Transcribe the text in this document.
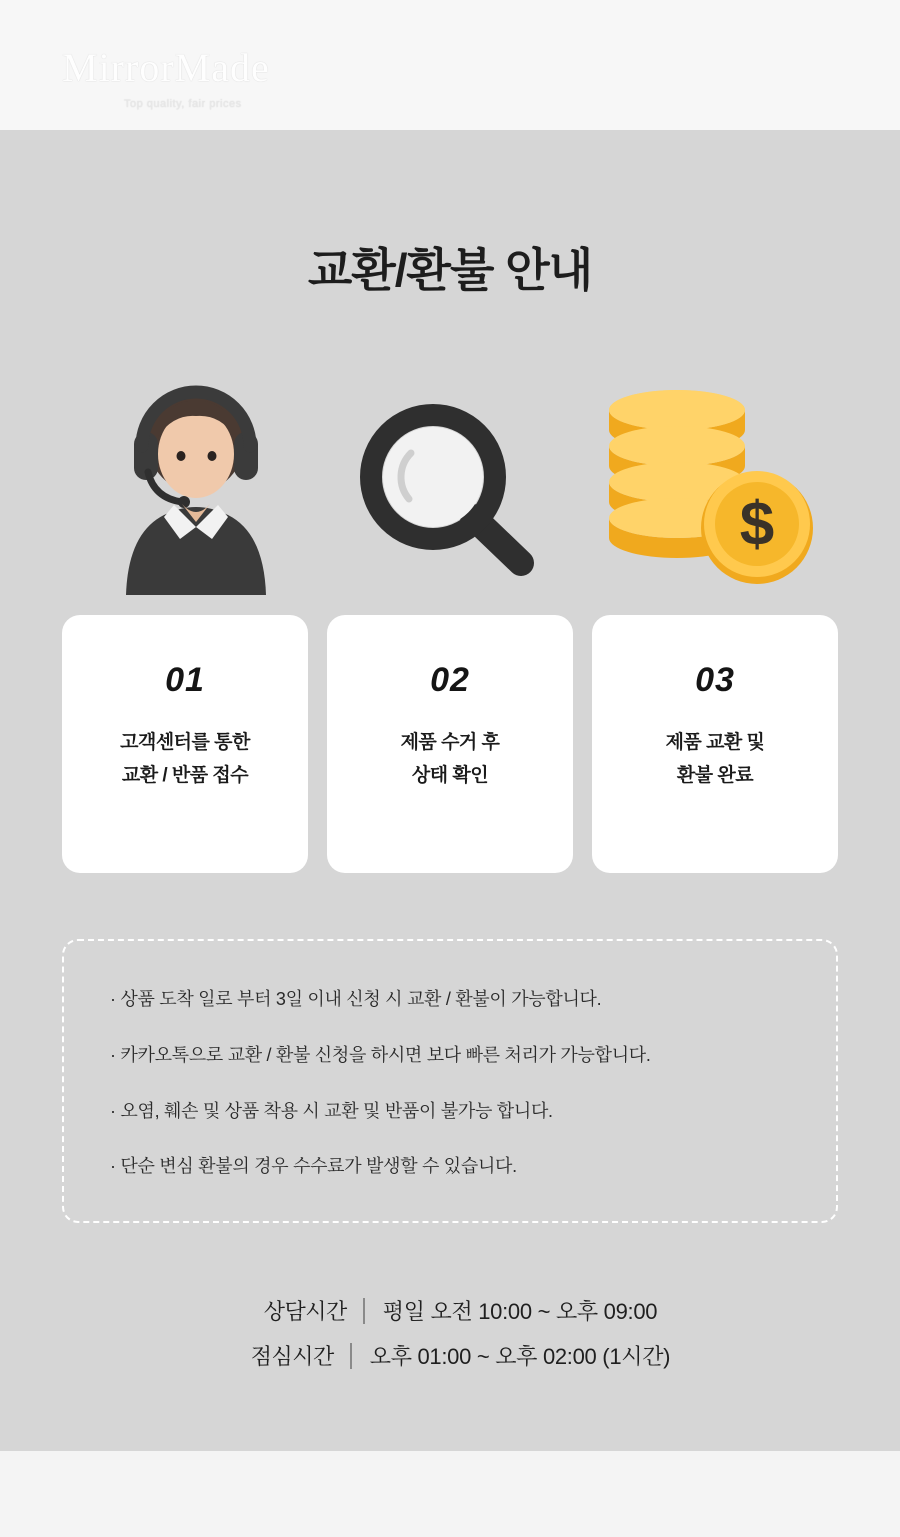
MirrorMade
Top quality, fair prices
교환/환불 안내
$
01
고객센터를 통한
교환 / 반품 접수
02
제품 수거 후
상태 확인
03
제품 교환 및
환불 완료

· 상품 도착 일로 부터 3일 이내 신청 시 교환 / 환불이 가능합니다.

· 카카오톡으로 교환 / 환불 신청을 하시면 보다 빠른 처리가 가능합니다.

· 오염, 훼손 및 상품 착용 시 교환 및 반품이 불가능 합니다.

· 단순 변심 환불의 경우 수수료가 발생할 수 있습니다.

상담시간	평일 오전 10:00 ~ 오후 09:00
점심시간	오후 01:00 ~ 오후 02:00 (1시간)
